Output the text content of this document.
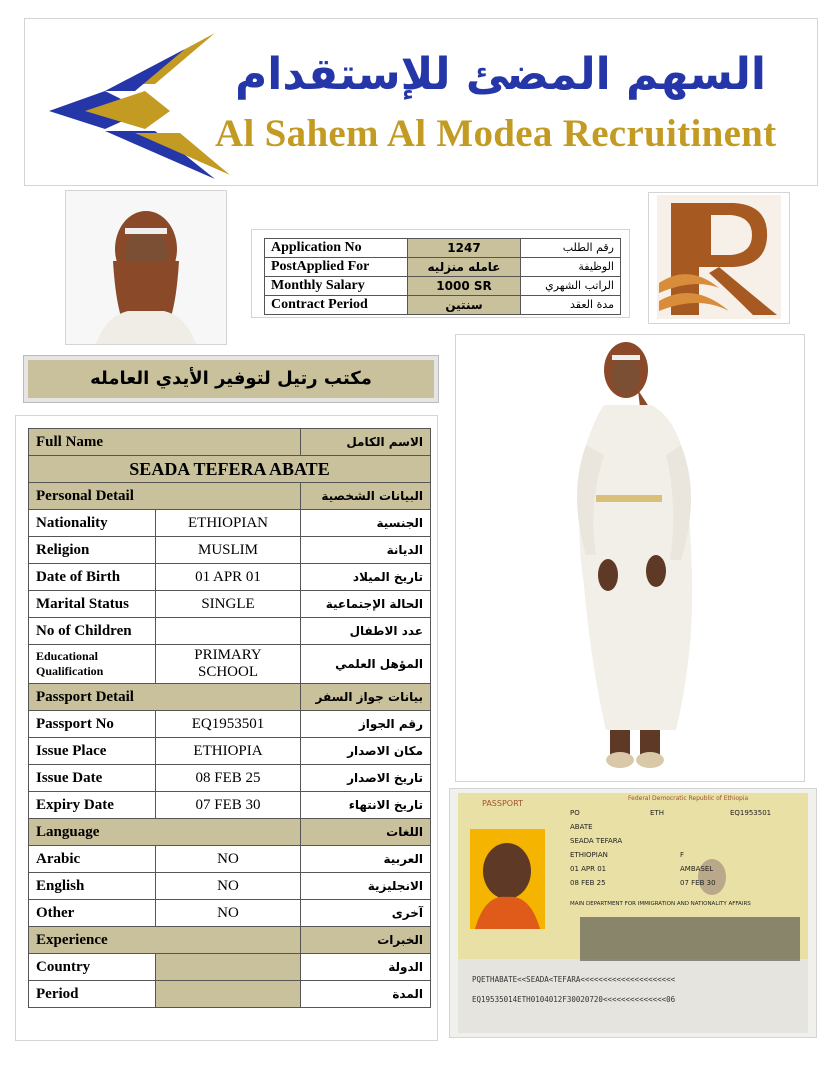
السهم المضئ للإستقدام
Al Sahem Al Modea Recruitinent
Application No	1247	رقم الطلب
PostApplied For	عامله منزليه	الوظيفة
Monthly Salary	1000 SR	الراتب الشهري
Contract Period	سنتين	مدة العقد
مكتب رتيل لتوفير الأيدي العامله
Full Name		الاسم الكامل
SEADA TEFERA ABATE		
Personal Detail		البيانات الشخصية
Nationality	ETHIOPIAN	الجنسية
Religion	MUSLIM	الديانة
Date of Birth	01 APR 01	تاريخ الميلاد
Marital Status	SINGLE	الحالة الإجتماعية
No of Children		عدد الاطفال
Educational Qualification	PRIMARY SCHOOL	المؤهل العلمي
Passport Detail		بيانات جواز السفر
Passport No	EQ1953501	رقم الجواز
Issue Place	ETHIOPIA	مكان الاصدار
Issue Date	08 FEB 25	تاريخ الاصدار
Expiry Date	07 FEB 30	تاريخ الانتهاء
Language		اللغات
Arabic	NO	العربية
English	NO	الانجليزية
Other	NO	آخرى
Experience		الخبرات
Country		الدولة
Period		المدة
PASSPORT
Federal Democratic Republic of Ethiopia
PO	ETH	EQ1953501
ABATE
SEADA TEFARA
ETHIOPIAN	F
01 APR 01	AMBASEL
08 FEB 25	07 FEB 30
MAIN DEPARTMENT FOR IMMIGRATION AND NATIONALITY AFFAIRS
PQETHABATE<<SEADA<TEFARA<<<<<<<<<<<<<<<<<<<<<
EQ19535014ETH0104012F30020720<<<<<<<<<<<<<<06
